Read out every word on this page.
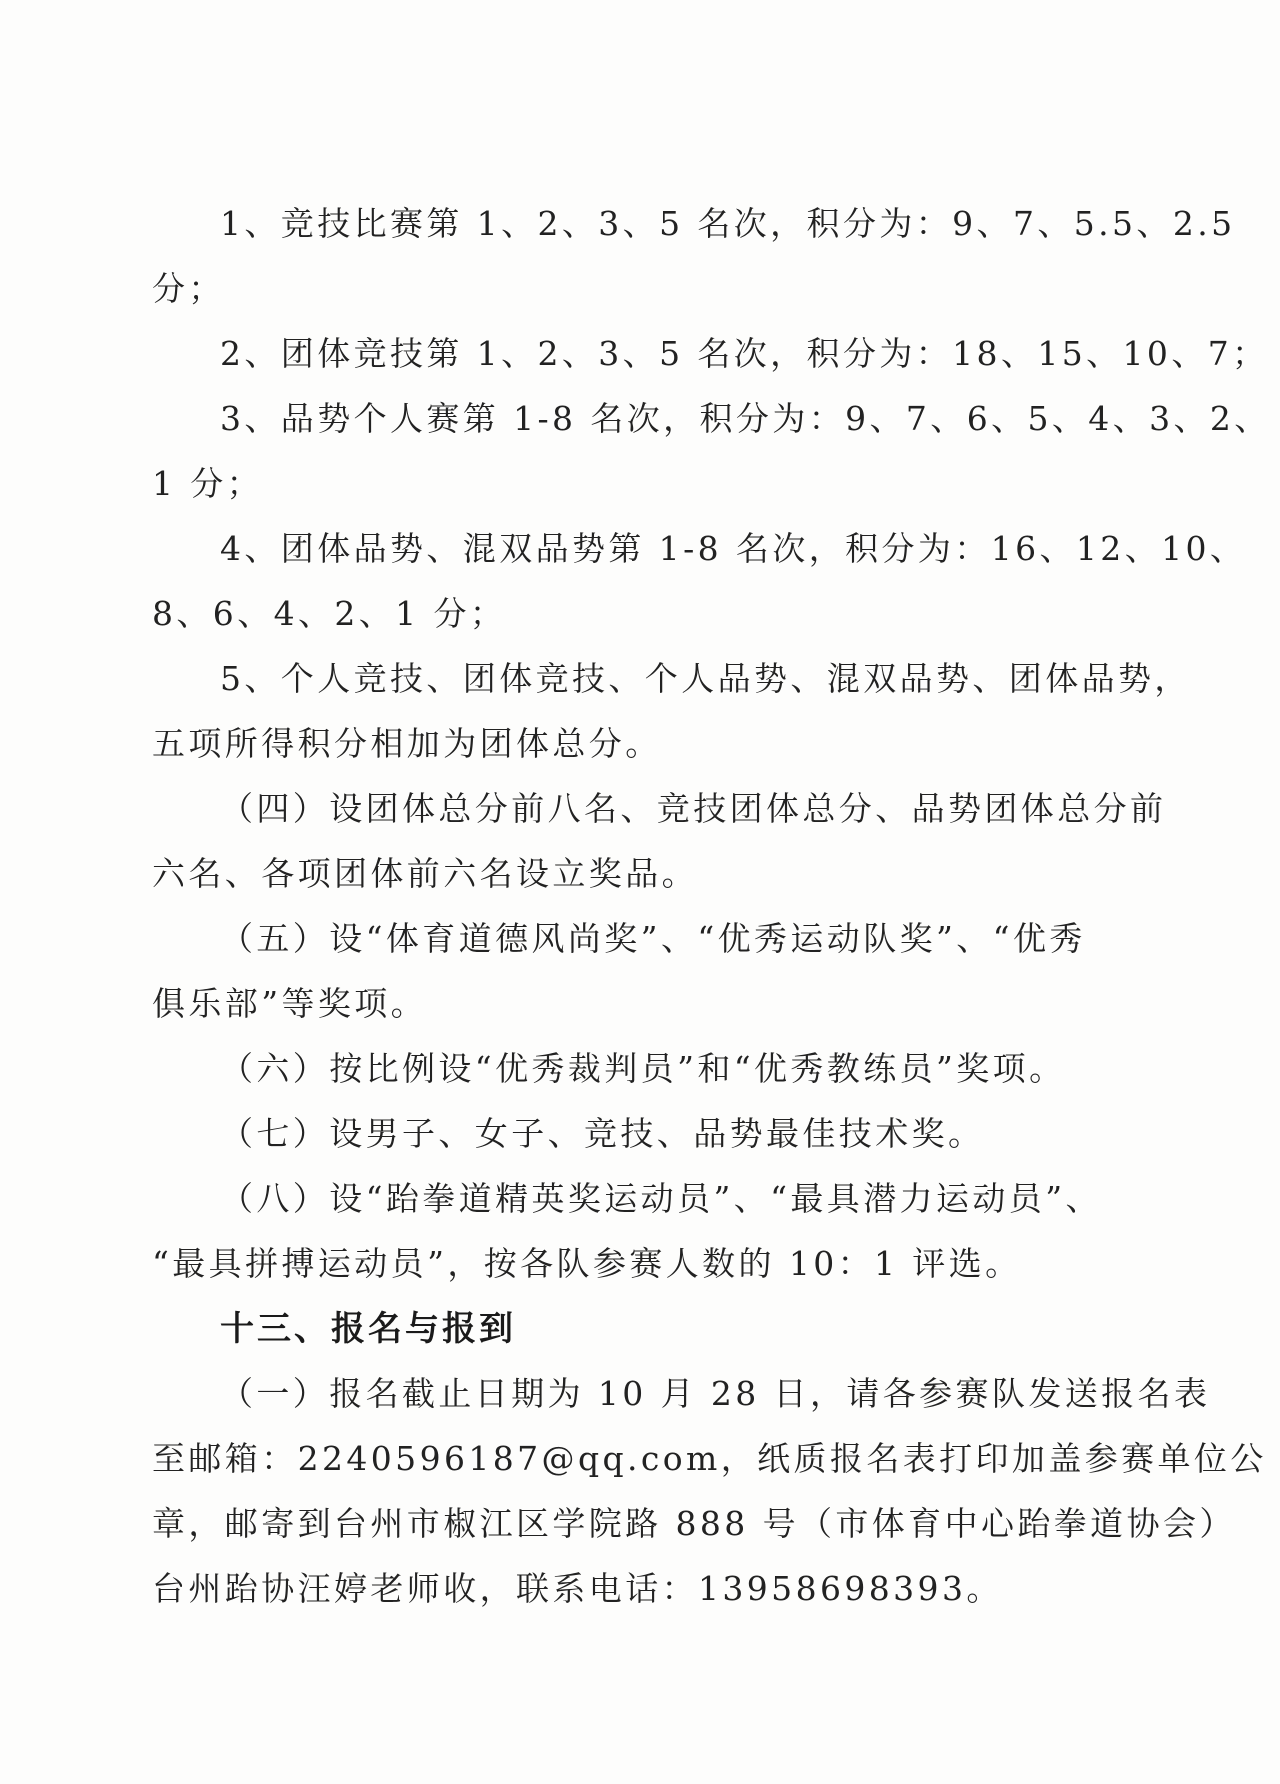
1、竞技比赛第 1、2、3、5 名次，积分为：9、7、5.5、2.5
分；
2、团体竞技第 1、2、3、5 名次，积分为：18、15、10、7；
3、品势个人赛第 1-8 名次，积分为：9、7、6、5、4、3、2、
1 分；
4、团体品势、混双品势第 1-8 名次，积分为：16、12、10、
8、6、4、2、1 分；
5、个人竞技、团体竞技、个人品势、混双品势、团体品势，
五项所得积分相加为团体总分。
（四）设团体总分前八名、竞技团体总分、品势团体总分前
六名、各项团体前六名设立奖品。
（五）设“体育道德风尚奖”、“优秀运动队奖”、“优秀
俱乐部”等奖项。
（六）按比例设“优秀裁判员”和“优秀教练员”奖项。
（七）设男子、女子、竞技、品势最佳技术奖。
（八）设“跆拳道精英奖运动员”、“最具潜力运动员”、
“最具拼搏运动员”，按各队参赛人数的 10：1 评选。
十三、报名与报到
（一）报名截止日期为 10 月 28 日，请各参赛队发送报名表
至邮箱：2240596187@qq.com，纸质报名表打印加盖参赛单位公
章，邮寄到台州市椒江区学院路 888 号（市体育中心跆拳道协会）
台州跆协汪婷老师收，联系电话：13958698393。
